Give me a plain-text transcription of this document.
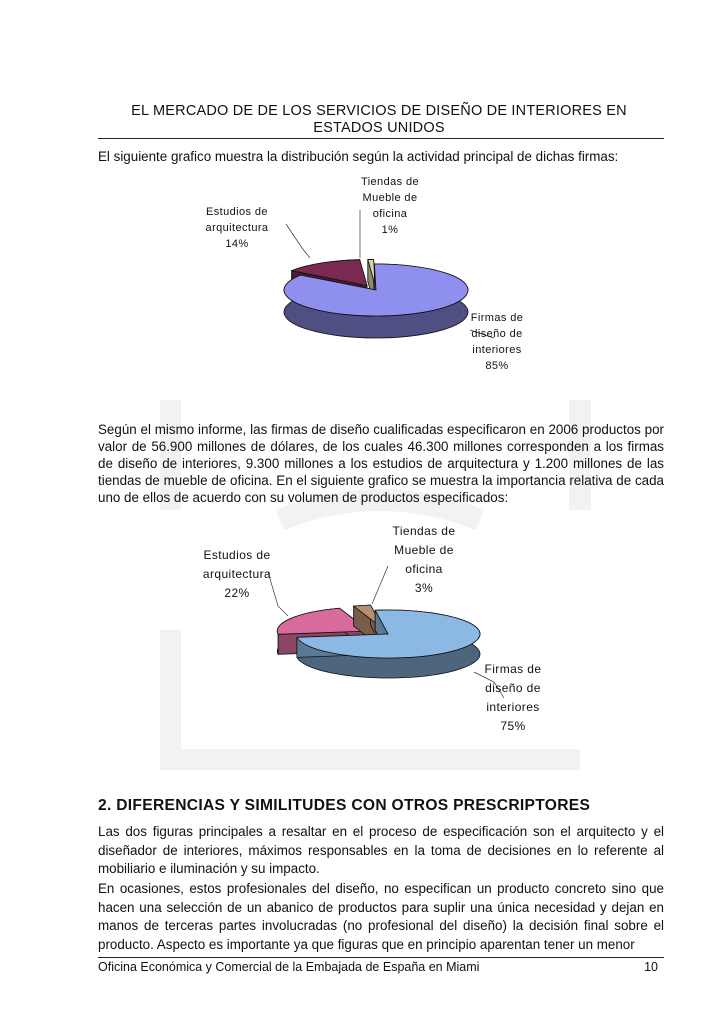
EL MERCADO DE DE LOS SERVICIOS DE DISEÑO DE INTERIORES EN ESTADOS UNIDOS

El siguiente grafico muestra la distribución según la actividad principal de dichas firmas:

Estudios de
arquitectura
14%
Tiendas de
Mueble de
oficina
1%
Firmas de
diseño de
interiores
85%

Según el mismo informe, las firmas de diseño cualificadas especificaron en 2006 productos por valor de 56.900 millones de dólares, de los cuales 46.300 millones corresponden a los firmas de diseño de interiores, 9.300 millones a los estudios de arquitectura y 1.200 millones de las tiendas de mueble de oficina. En el siguiente grafico se muestra la importancia relativa de cada uno de ellos de acuerdo con su volumen de productos especificados:

Estudios de
arquitectura
22%
Tiendas de
Mueble de
oficina
3%
Firmas de
diseño de
interiores
75%
2. DIFERENCIAS Y SIMILITUDES CON OTROS PRESCRIPTORES

Las dos figuras principales a resaltar en el proceso de especificación son el arquitecto y el diseñador de interiores, máximos responsables en la toma de decisiones en lo referente al mobiliario e iluminación y su impacto.

En ocasiones, estos profesionales del diseño, no especifican un producto concreto sino que hacen una selección de un abanico de productos para suplir una única necesidad y dejan en manos de terceras partes involucradas (no profesional del diseño) la decisión final sobre el producto. Aspecto es importante ya que figuras que en principio aparentan tener un menor

Oficina Económica y Comercial de la Embajada de España en Miami	10
